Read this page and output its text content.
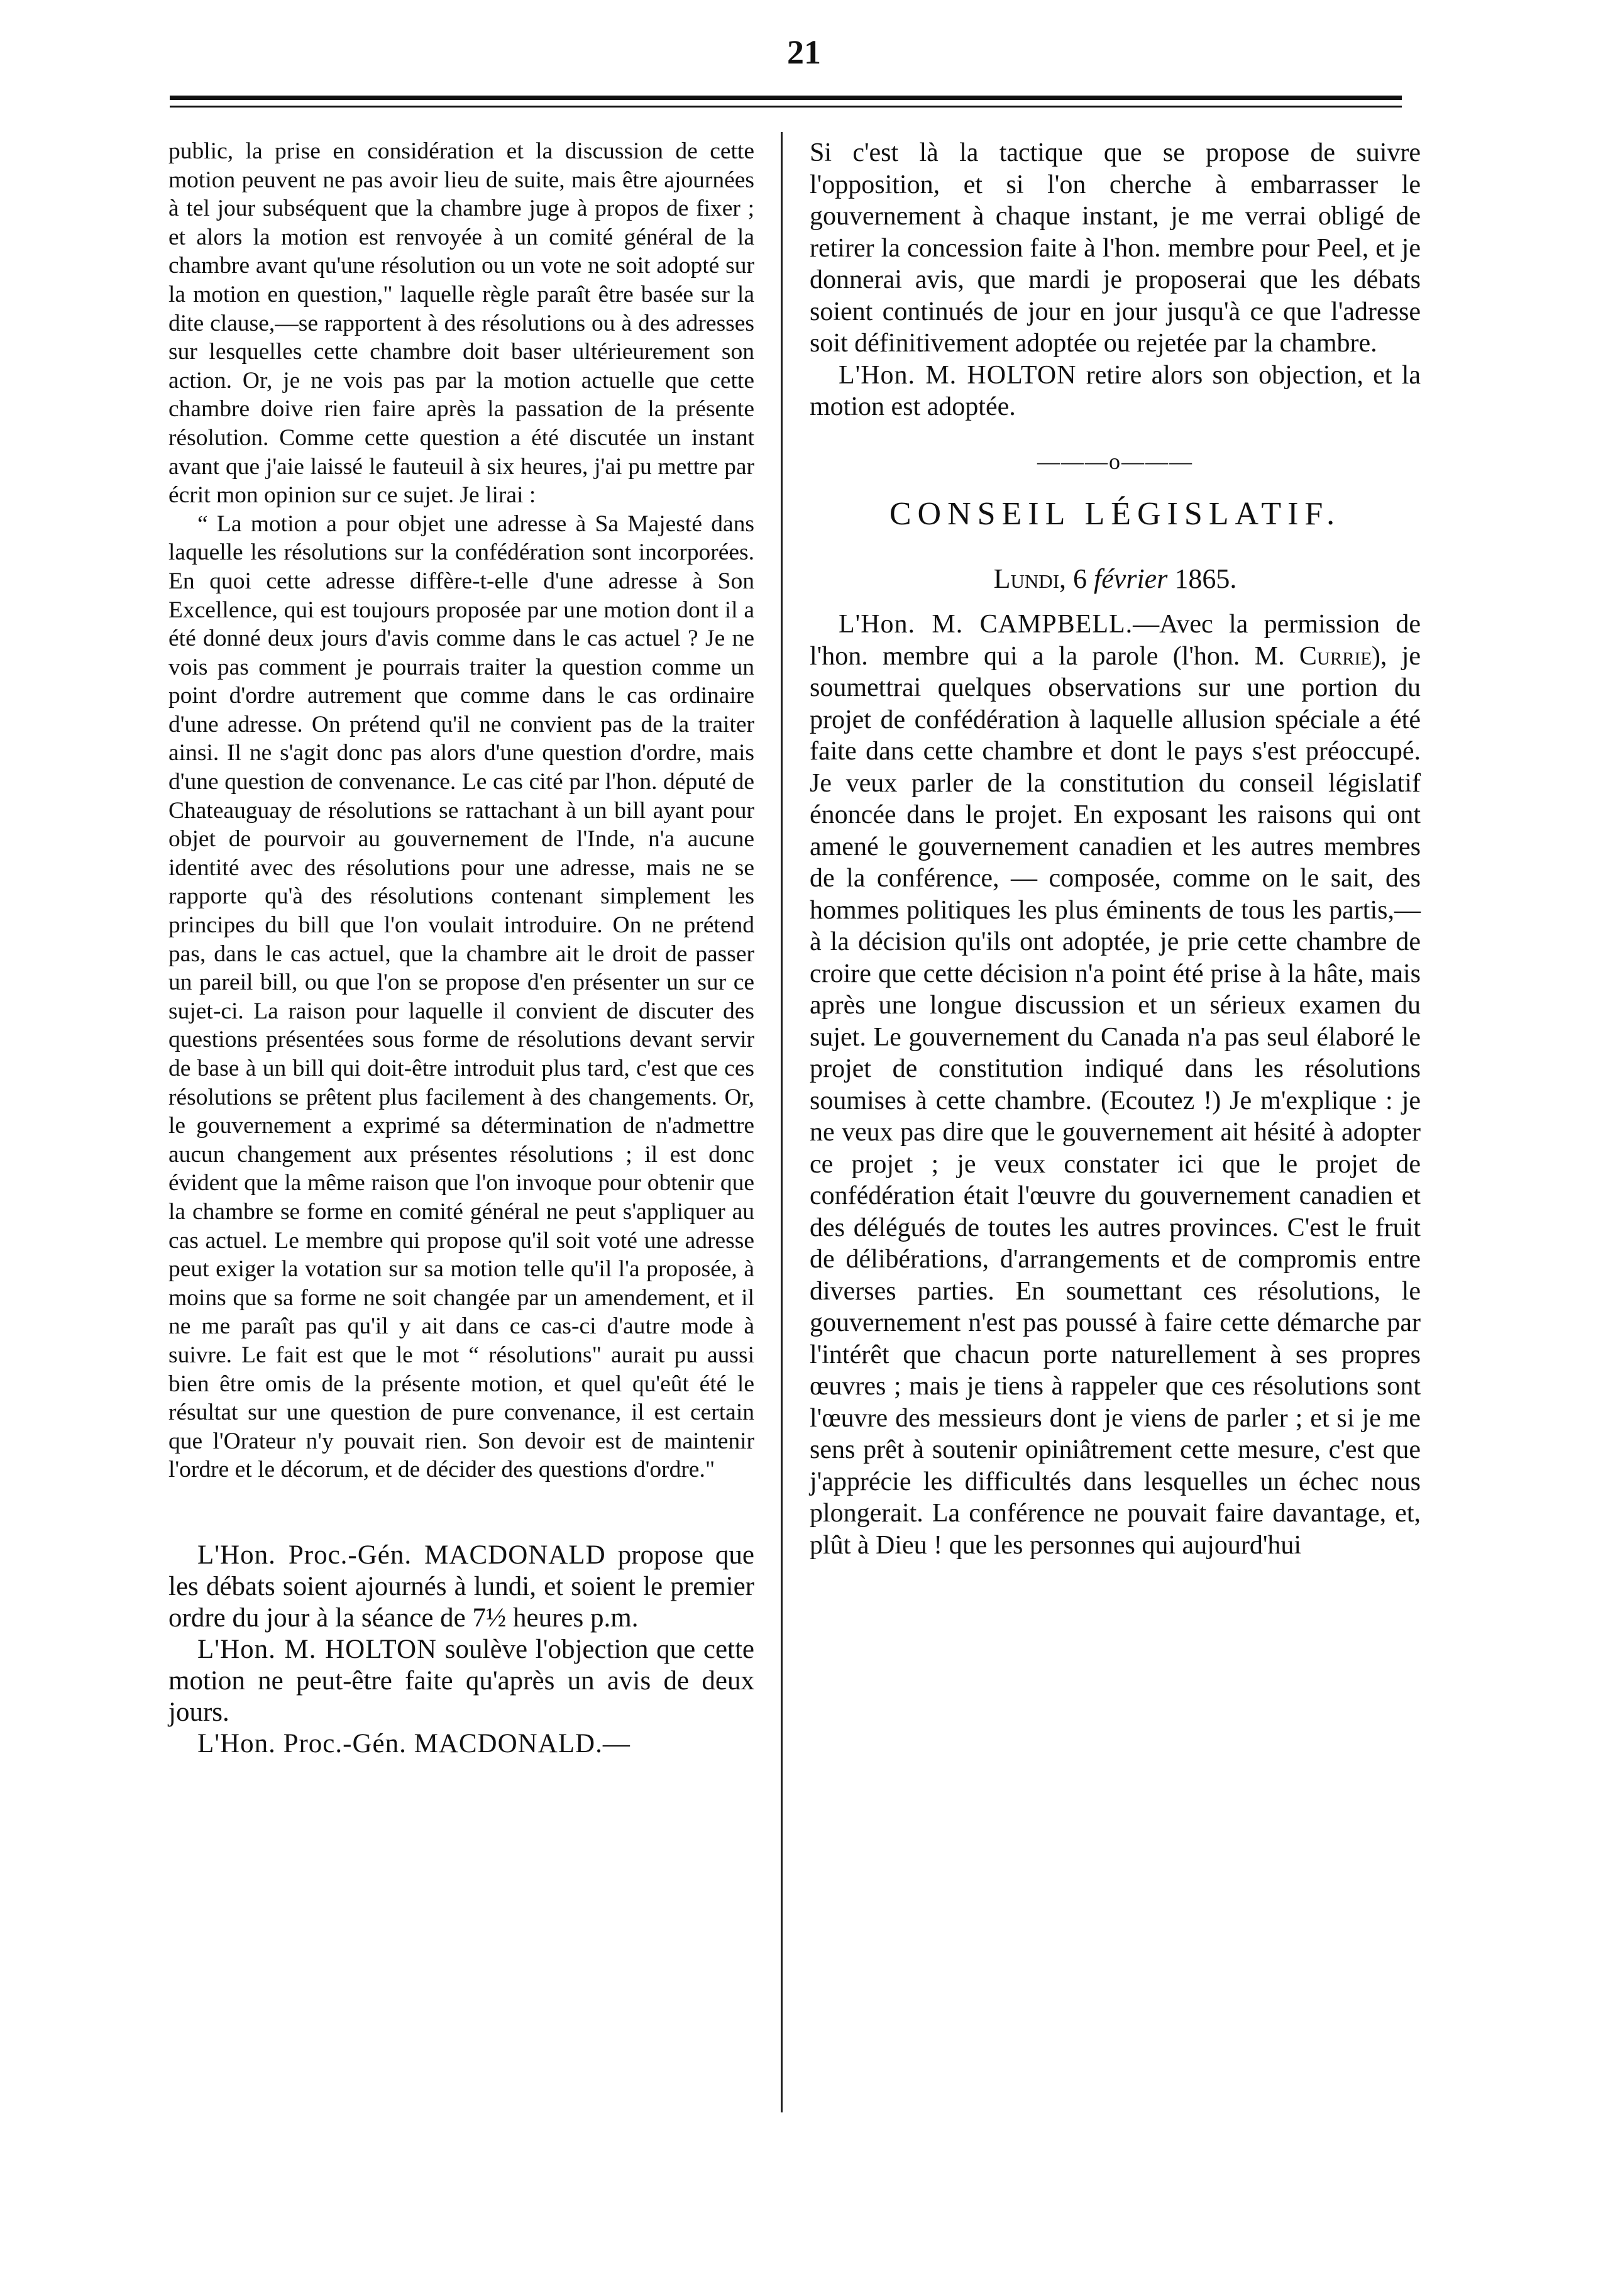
21

public, la prise en considération et la discussion de cette motion peuvent ne pas avoir lieu de suite, mais être ajournées à tel jour subséquent que la chambre juge à propos de fixer ; et alors la motion est renvoyée à un comité général de la chambre avant qu'une résolution ou un vote ne soit adopté sur la motion en question," laquelle règle paraît être basée sur la dite clause,—se rapportent à des résolutions ou à des adresses sur lesquelles cette chambre doit baser ultérieurement son action. Or, je ne vois pas par la motion actuelle que cette chambre doive rien faire après la passation de la présente résolution. Comme cette question a été discutée un instant avant que j'aie laissé le fauteuil à six heures, j'ai pu mettre par écrit mon opinion sur ce sujet. Je lirai :

“ La motion a pour objet une adresse à Sa Majesté dans laquelle les résolutions sur la confédération sont incorporées. En quoi cette adresse diffère-t-elle d'une adresse à Son Excellence, qui est toujours proposée par une motion dont il a été donné deux jours d'avis comme dans le cas actuel ? Je ne vois pas comment je pourrais traiter la question comme un point d'ordre autrement que comme dans le cas ordinaire d'une adresse. On prétend qu'il ne convient pas de la traiter ainsi. Il ne s'agit donc pas alors d'une question d'ordre, mais d'une question de convenance. Le cas cité par l'hon. député de Chateauguay de résolutions se rattachant à un bill ayant pour objet de pourvoir au gouvernement de l'Inde, n'a aucune identité avec des résolutions pour une adresse, mais ne se rapporte qu'à des résolutions contenant simplement les principes du bill que l'on voulait introduire. On ne prétend pas, dans le cas actuel, que la chambre ait le droit de passer un pareil bill, ou que l'on se propose d'en présenter un sur ce sujet-ci. La raison pour laquelle il convient de discuter des questions présentées sous forme de résolutions devant servir de base à un bill qui doit-être introduit plus tard, c'est que ces résolutions se prêtent plus facilement à des changements. Or, le gouvernement a exprimé sa détermination de n'admettre aucun changement aux présentes résolutions ; il est donc évident que la même raison que l'on invoque pour obtenir que la chambre se forme en comité général ne peut s'appliquer au cas actuel. Le membre qui propose qu'il soit voté une adresse peut exiger la votation sur sa motion telle qu'il l'a proposée, à moins que sa forme ne soit changée par un amendement, et il ne me paraît pas qu'il y ait dans ce cas-ci d'autre mode à suivre. Le fait est que le mot “ résolutions" aurait pu aussi bien être omis de la présente motion, et quel qu'eût été le résultat sur une question de pure convenance, il est certain que l'Orateur n'y pouvait rien. Son devoir est de maintenir l'ordre et le décorum, et de décider des questions d'ordre."

L'Hon. Proc.-Gén. MACDONALD propose que les débats soient ajournés à lundi, et soient le premier ordre du jour à la séance de 7½ heures p.m.

L'Hon. M. HOLTON soulève l'objection que cette motion ne peut-être faite qu'après un avis de deux jours.

L'Hon. Proc.-Gén. MACDONALD.—

Si c'est là la tactique que se propose de suivre l'opposition, et si l'on cherche à embarrasser le gouvernement à chaque instant, je me verrai obligé de retirer la concession faite à l'hon. membre pour Peel, et je donnerai avis, que mardi je proposerai que les débats soient continués de jour en jour jusqu'à ce que l'adresse soit définitivement adoptée ou rejetée par la chambre.

L'Hon. M. HOLTON retire alors son objection, et la motion est adoptée.

———o———
CONSEIL LÉGISLATIF.
Lundi, 6 février 1865.

L'Hon. M. CAMPBELL.—Avec la permission de l'hon. membre qui a la parole (l'hon. M. Currie), je soumettrai quelques observations sur une portion du projet de confédération à laquelle allusion spéciale a été faite dans cette chambre et dont le pays s'est préoccupé. Je veux parler de la constitution du conseil législatif énoncée dans le projet. En exposant les raisons qui ont amené le gouvernement canadien et les autres membres de la conférence, — composée, comme on le sait, des hommes politiques les plus éminents de tous les partis,—à la décision qu'ils ont adoptée, je prie cette chambre de croire que cette décision n'a point été prise à la hâte, mais après une longue discussion et un sérieux examen du sujet. Le gouvernement du Canada n'a pas seul élaboré le projet de constitution indiqué dans les résolutions soumises à cette chambre. (Ecoutez !) Je m'explique : je ne veux pas dire que le gouvernement ait hésité à adopter ce projet ; je veux constater ici que le projet de confédération était l'œuvre du gouvernement canadien et des délégués de toutes les autres provinces. C'est le fruit de délibérations, d'arrangements et de compromis entre diverses parties. En soumettant ces résolutions, le gouvernement n'est pas poussé à faire cette démarche par l'intérêt que chacun porte naturellement à ses propres œuvres ; mais je tiens à rappeler que ces résolutions sont l'œuvre des messieurs dont je viens de parler ; et si je me sens prêt à soutenir opiniâtrement cette mesure, c'est que j'apprécie les difficultés dans lesquelles un échec nous plongerait. La conférence ne pouvait faire davantage, et, plût à Dieu ! que les personnes qui aujourd'hui
